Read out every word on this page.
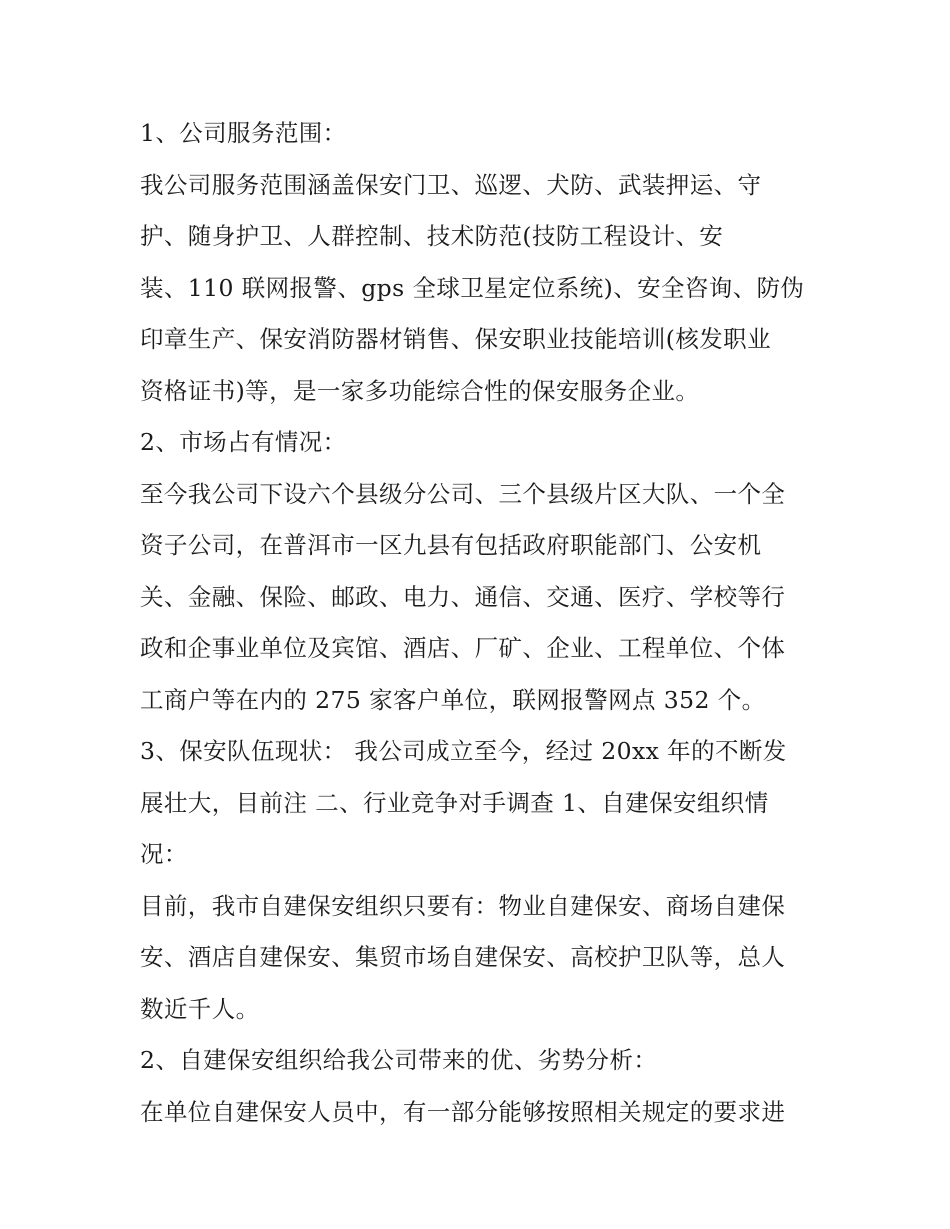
1、公司服务范围：
我公司服务范围涵盖保安门卫、巡逻、犬防、武装押运、守
护、随身护卫、人群控制、技术防范(技防工程设计、安
装、110 联网报警、gps 全球卫星定位系统)、安全咨询、防伪
印章生产、保安消防器材销售、保安职业技能培训(核发职业
资格证书)等，是一家多功能综合性的保安服务企业。
2、市场占有情况：
至今我公司下设六个县级分公司、三个县级片区大队、一个全
资子公司，在普洱市一区九县有包括政府职能部门、公安机
关、金融、保险、邮政、电力、通信、交通、医疗、学校等行
政和企事业单位及宾馆、酒店、厂矿、企业、工程单位、个体
工商户等在内的 275 家客户单位，联网报警网点 352 个。
3、保安队伍现状： 我公司成立至今，经过 20xx 年的不断发
展壮大，目前注 二、行业竞争对手调查 1、自建保安组织情
况：
目前，我市自建保安组织只要有：物业自建保安、商场自建保
安、酒店自建保安、集贸市场自建保安、高校护卫队等，总人
数近千人。
2、自建保安组织给我公司带来的优、劣势分析：
在单位自建保安人员中，有一部分能够按照相关规定的要求进
